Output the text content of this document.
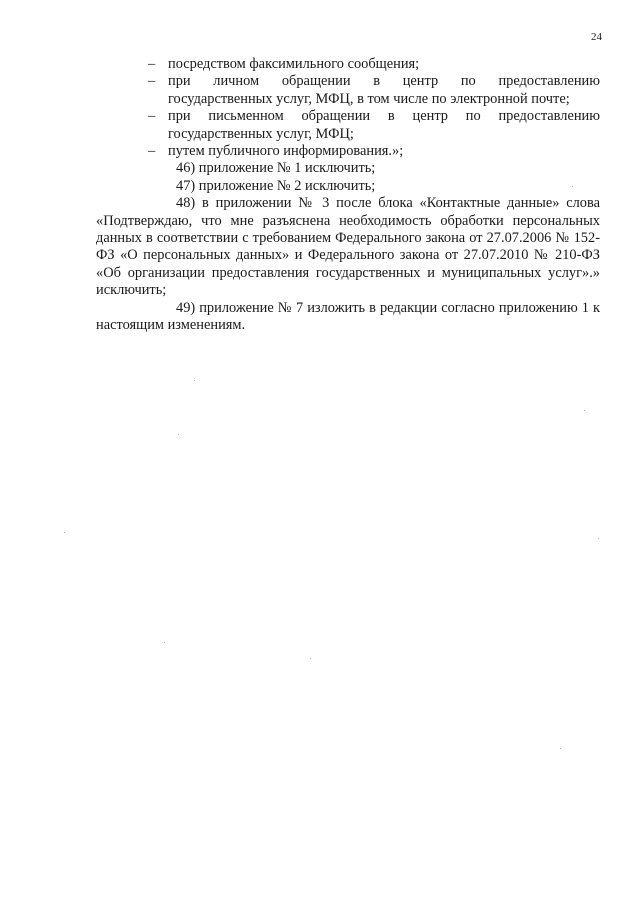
24
– посредством факсимильного сообщения;
– при личном обращении в центр по предоставлению
государственных услуг, МФЦ, в том числе по электронной почте;
– при письменном обращении в центр по предоставлению
государственных услуг, МФЦ;
– путем публичного информирования.»;
46) приложение № 1 исключить;
47) приложение № 2 исключить;
48) в приложении № 3 после блока «Контактные данные» слова «Подтверждаю, что мне разъяснена необходимость обработки персональных данных в соответствии с требованием Федерального закона от 27.07.2006 № 152-ФЗ «О персональных данных» и Федерального закона от 27.07.2010 № 210-ФЗ «Об организации предоставления государственных и муниципальных услуг».» исключить;
49) приложение № 7 изложить в редакции согласно приложению 1 к настоящим изменениям.
